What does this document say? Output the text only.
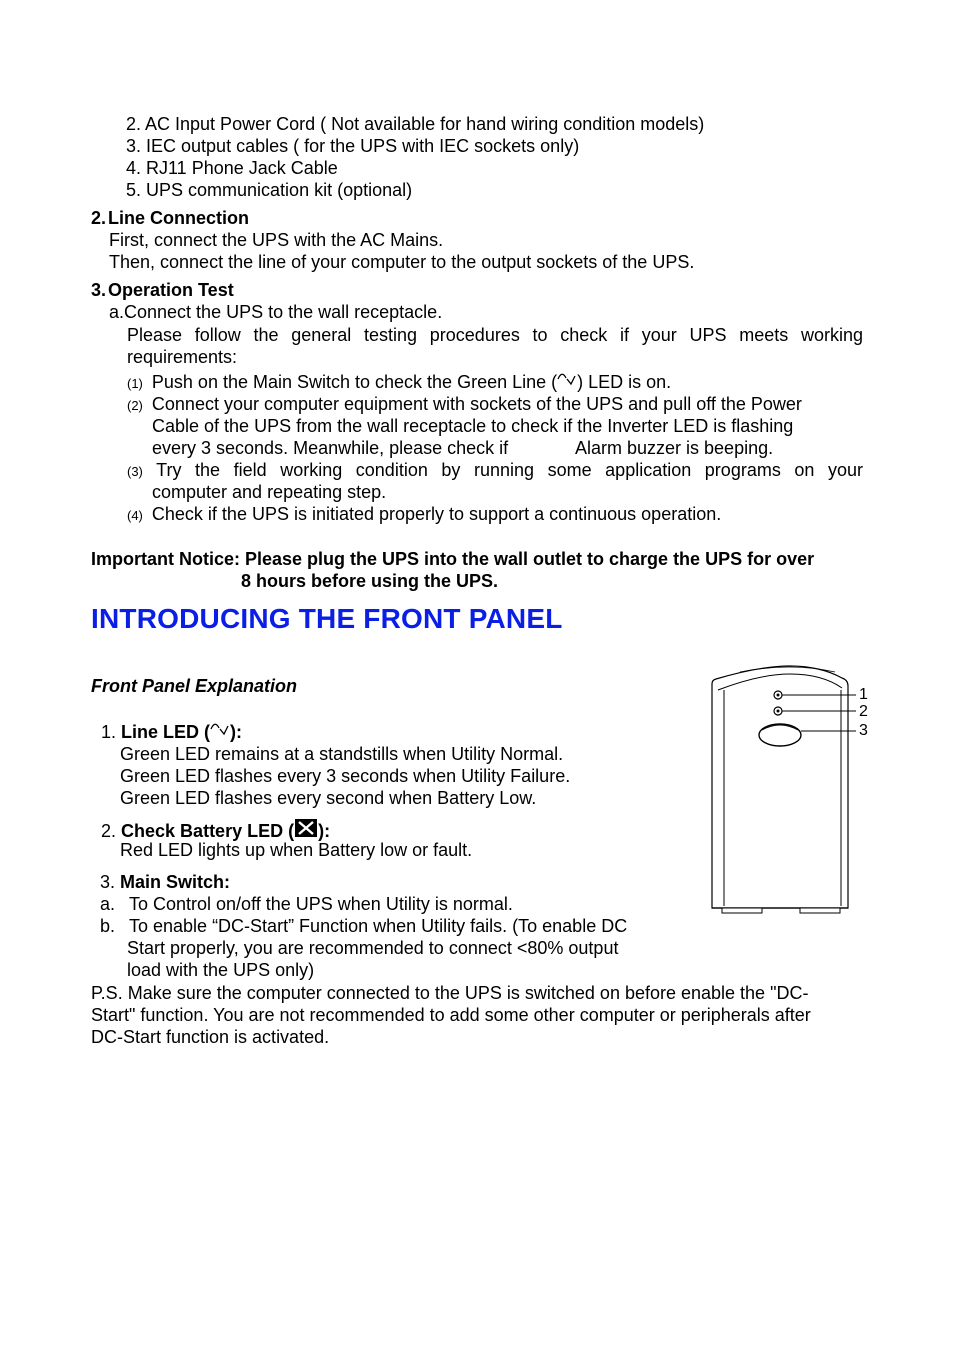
2. AC Input Power Cord ( Not available for hand wiring condition models)
3. IEC output cables ( for the UPS with IEC sockets only)
4. RJ11 Phone Jack Cable
5. UPS communication kit (optional)
2. Line Connection
First, connect the UPS with the AC Mains.
Then, connect the line of your computer to the output sockets of the UPS.
3. Operation Test
a.Connect the UPS to the wall receptacle.
Please follow the general testing procedures to check if your UPS meets working
requirements:
(1) Push on the Main Switch to check the Green Line ( ) LED is on.
(2) Connect your computer equipment with sockets of the UPS and pull off the Power
Cable of the UPS from the wall receptacle to check if the Inverter LED is flashing
every 3 seconds. Meanwhile, please check if	Alarm buzzer is beeping.
(3) Try the field working condition by running some application programs on your
computer and repeating step.
(4) Check if the UPS is initiated properly to support a continuous operation.
Important Notice: Please plug the UPS into the wall outlet to charge the UPS for over
8 hours before using the UPS.
INTRODUCING THE FRONT PANEL
Front Panel Explanation
1. Line LED ( ):
Green LED remains at a standstills when Utility Normal.
Green LED flashes every 3 seconds when Utility Failure.
Green LED flashes every second when Battery Low.
2. Check Battery LED ( ):
Red LED lights up when Battery low or fault.
3. Main Switch:
a. To Control on/off the UPS when Utility is normal.
b. To enable “DC-Start” Function when Utility fails. (To enable DC
Start properly, you are recommended to connect <80% output
load with the UPS only)
P.S. Make sure the computer connected to the UPS is switched on before enable the "DC-
Start" function. You are not recommended to add some other computer or peripherals after
DC-Start function is activated.
1
2
3
